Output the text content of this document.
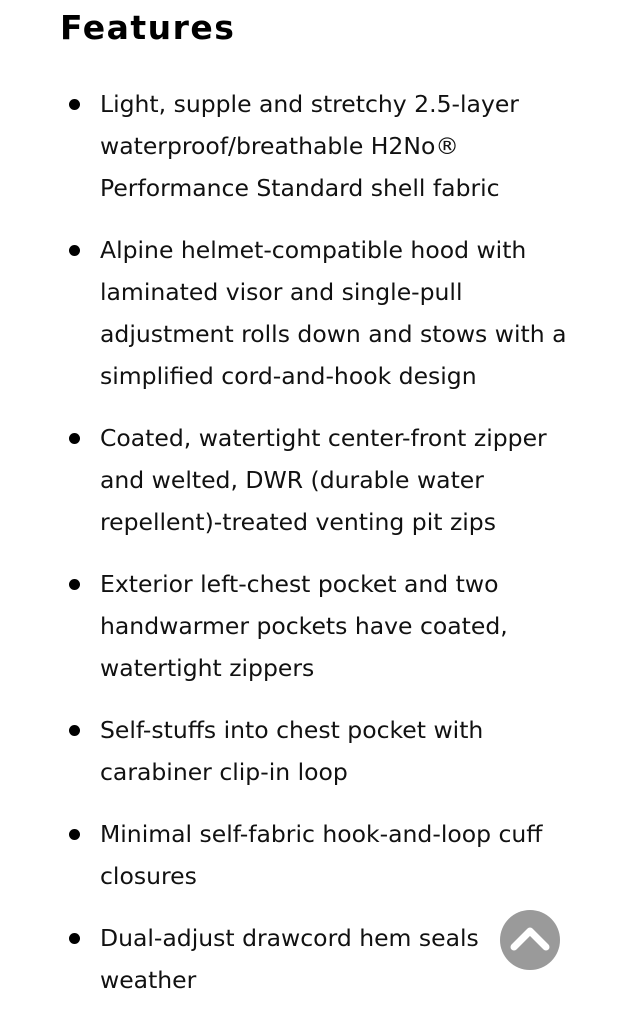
Features
Light, supple and stretchy 2.5-layer waterproof/breathable H2No® Performance Standard shell fabric
Alpine helmet-compatible hood with laminated visor and single-pull adjustment rolls down and stows with a simplified cord-and-hook design
Coated, watertight center-front zipper and welted, DWR (durable water repellent)-treated venting pit zips
Exterior left-chest pocket and two handwarmer pockets have coated, watertight zippers
Self-stuffs into chest pocket with carabiner clip-in loop
Minimal self-fabric hook-and-loop cuff closures
Dual-adjust drawcord hem seals weather
